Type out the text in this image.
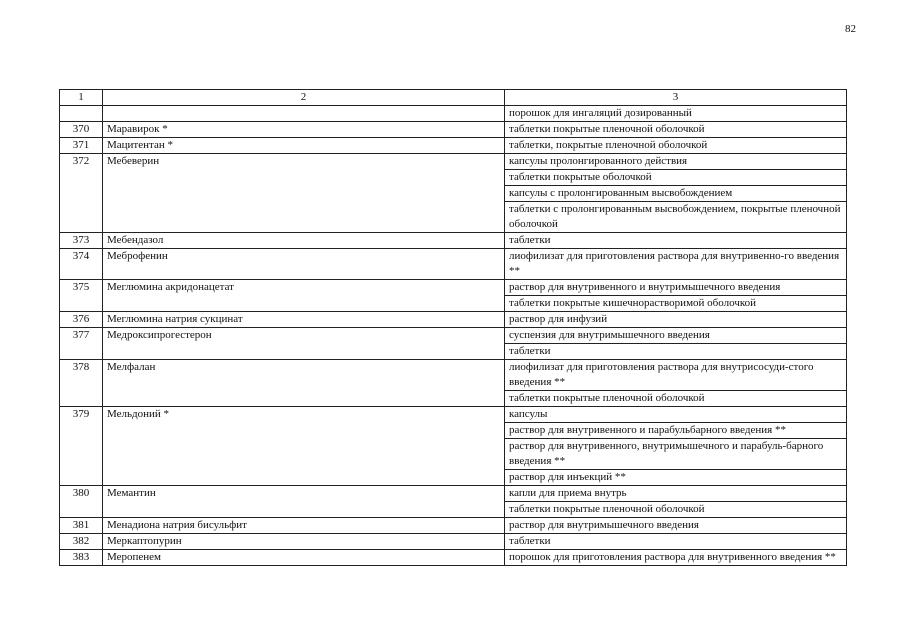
82
1	2	3

		порошок для ингаляций дозированный

370	Маравирок *	таблетки покрытые пленочной оболочкой

371	Мацитентан *	таблетки, покрытые пленочной оболочкой

372	Мебеверин	капсулы пролонгированного действия
таблетки покрытые оболочкой
капсулы с пролонгированным высвобождением
таблетки с пролонгированным высвобождением, покрытые пленочной оболочкой

373	Мебендазол	таблетки

374	Меброфенин	лиофилизат для приготовления раствора для внутривенно-го введения **

375	Меглюмина акридонацетат	раствор для внутривенного и внутримышечного введения
таблетки покрытые кишечнорастворимой оболочкой

376	Меглюмина натрия сукцинат	раствор для инфузий

377	Медроксипрогестерон	суспензия для внутримышечного введения
таблетки

378	Мелфалан	лиофилизат для приготовления раствора для внутрисосуди-стого введения **
таблетки покрытые пленочной оболочкой

379	Мельдоний *	капсулы
раствор для внутривенного и парабульбарного введения **
раствор для внутривенного, внутримышечного и парабуль-барного введения **
раствор для инъекций **

380	Мемантин	капли для приема внутрь
таблетки покрытые пленочной оболочкой

381	Менадиона натрия бисульфит	раствор для внутримышечного введения

382	Меркаптопурин	таблетки

383	Меропенем	порошок для приготовления раствора для внутривенного введения **
